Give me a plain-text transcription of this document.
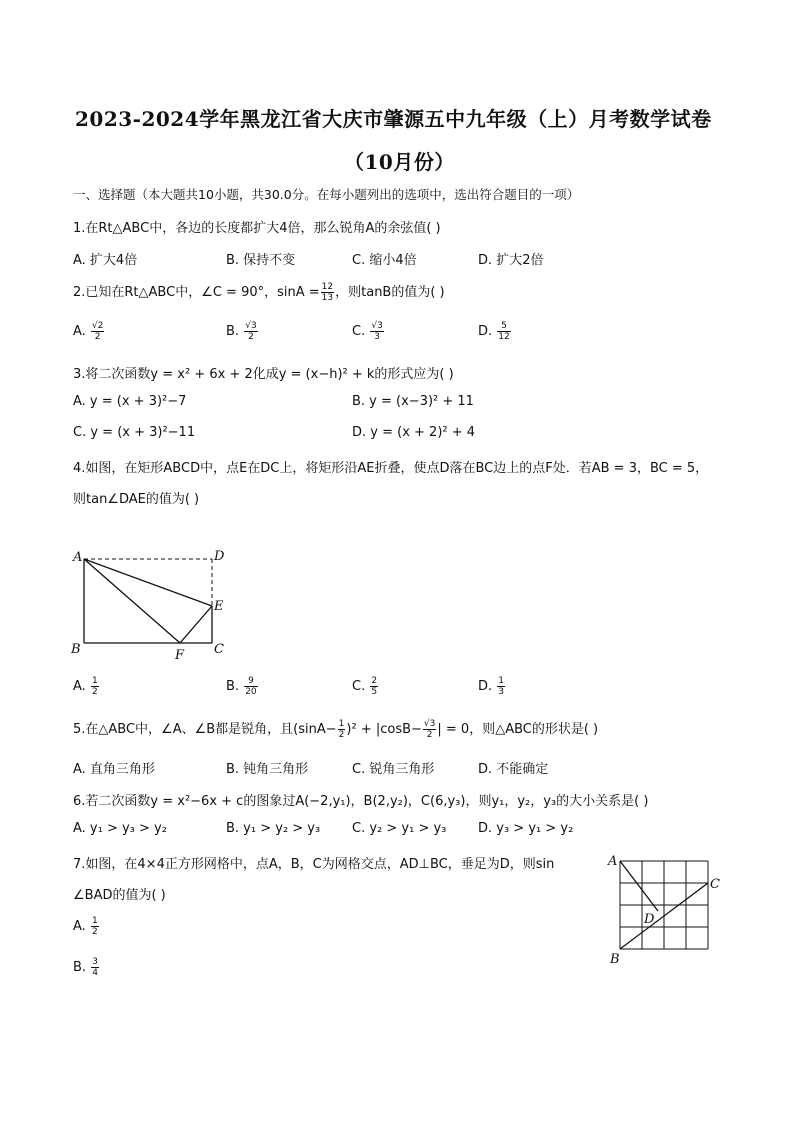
2023-2024学年黑龙江省大庆市肇源五中九年级（上）月考数学试卷
（10月份）
一、选择题（本大题共10小题，共30.0分。在每小题列出的选项中，选出符合题目的一项）
1.在Rt△ABC中，各边的长度都扩大4倍，那么锐角A的余弦值( )
A. 扩大4倍	B. 保持不变	C. 缩小4倍	D. 扩大2倍
2.已知在Rt△ABC中，∠C = 90°，$\sin A = \frac{12}{13}$ ，则tanB的值为( )
A. $\frac{√2}{2}$	B. $\frac{√3}{2}$	C. $\frac{√3}{3}$	D. $\frac{5}{12}$
3.将二次函数y = x² + 6x + 2化成y = (x−h)² + k的形式应为( )
A. y = (x + 3)²−7	B. y = (x−3)² + 11
C. y = (x + 3)²−11	D. y = (x + 2)² + 4
4.如图，在矩形ABCD中，点E在DC上，将矩形沿AE折叠，使点D落在BC边上的点F处．若AB = 3，BC = 5，
则tan∠DAE的值为( )
A	D
E
B	C
F
A. $\frac{1}{2}$	B. $\frac{9}{20}$	C. $\frac{2}{5}$	D. $\frac{1}{3}$
5.在△ABC中，∠A、∠B都是锐角，且$(\sin A- \frac{1}{2} )^2 + |\cos B- \frac{√3}{2}$ | = 0，则△ABC的形状是( )
A. 直角三角形	B. 钝角三角形	C. 锐角三角形	D. 不能确定
6.若二次函数y = x²−6x + c的图象过A(−2,y₁)，B(2,y₂)，C(6,y₃)，则y₁，y₂，y₃的大小关系是( )
A. y₁ > y₃ > y₂	B. y₁ > y₂ > y₃ C. y₂ > y₁ > y₃ D. y₃ > y₁ > y₂
7.如图，在4×4正方形网格中，点A，B，C为网格交点，AD⊥BC，垂足为D，则sin
∠BAD的值为( )
A
B
C
D
A. $\frac{1}{2}$
B. $\frac{3}{4}$
